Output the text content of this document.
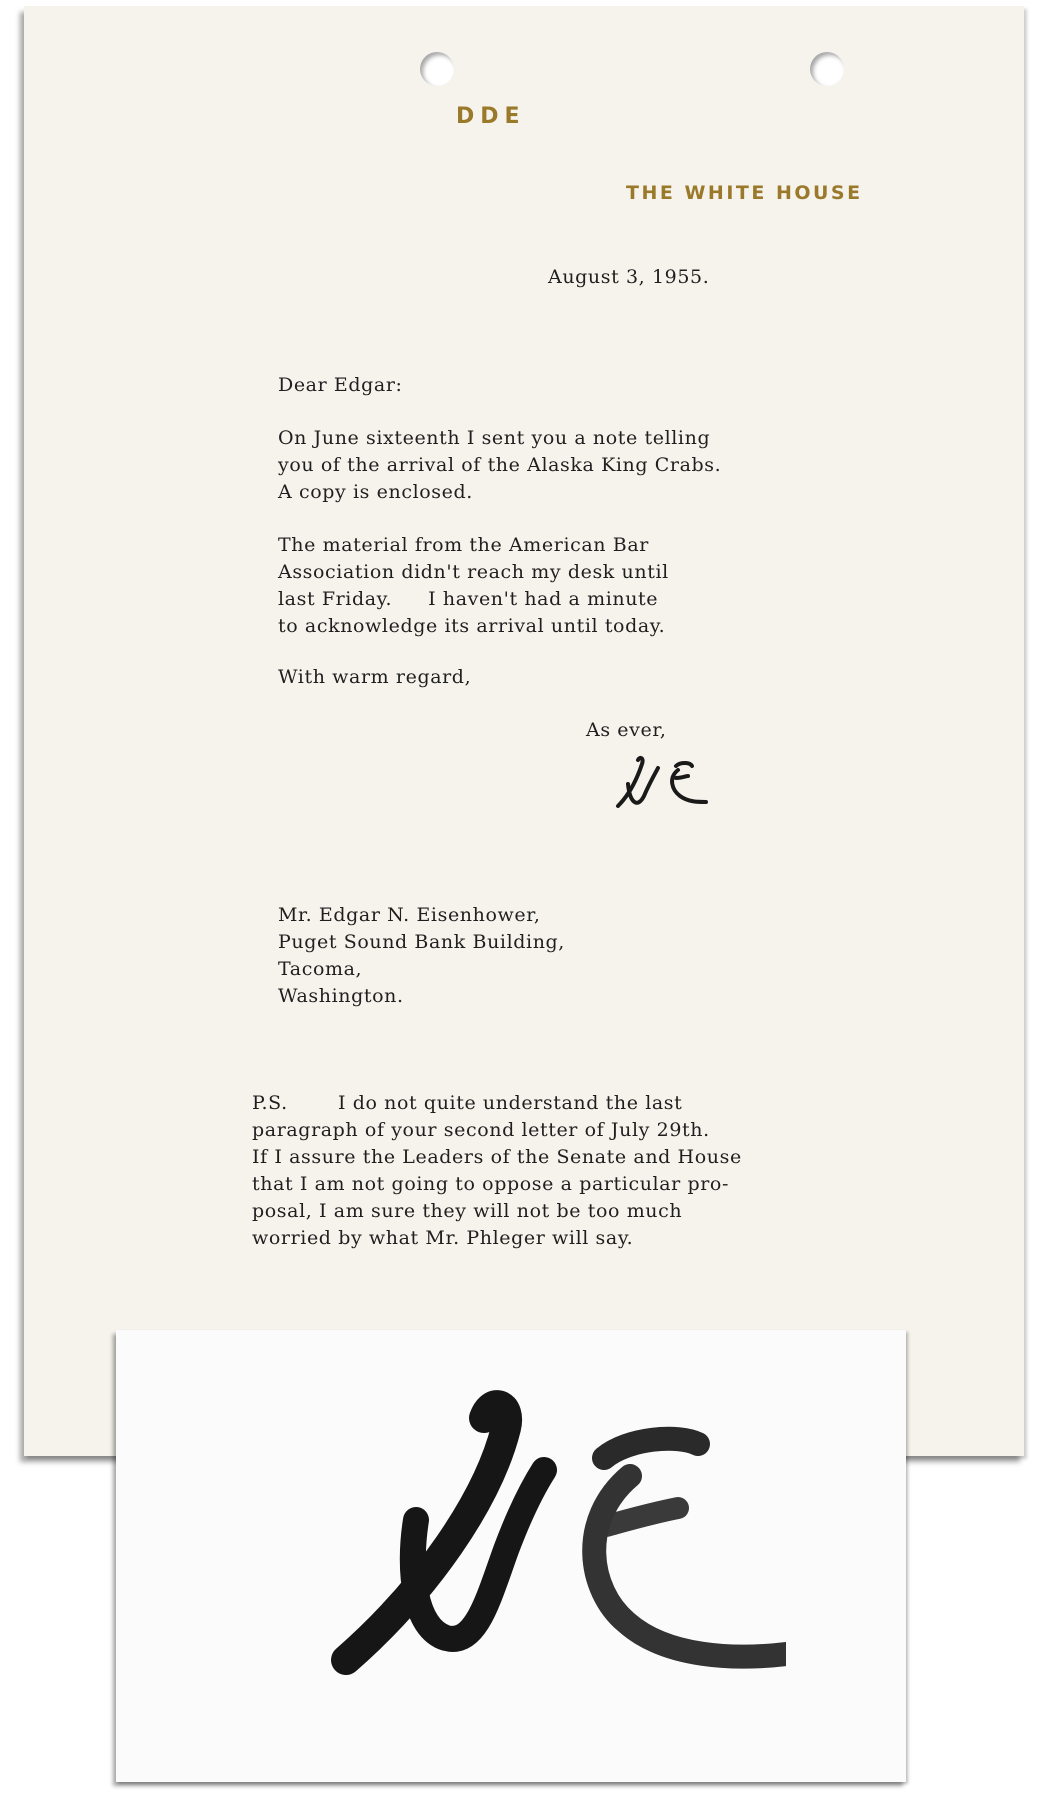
DDE
THE WHITE HOUSE
August 3, 1955.
Dear Edgar:
On June sixteenth I sent you a note telling
you of the arrival of the Alaska King Crabs.
A copy is enclosed.
The material from the American Bar
Association didn't reach my desk until
last Friday. I haven't had a minute
to acknowledge its arrival until today.
With warm regard,
As ever,
Mr. Edgar N. Eisenhower,
Puget Sound Bank Building,
Tacoma,
Washington.
P.S.	I do not quite understand the last
paragraph of your second letter of July 29th.
If I assure the Leaders of the Senate and House
that I am not going to oppose a particular pro-
posal, I am sure they will not be too much
worried by what Mr. Phleger will say.
